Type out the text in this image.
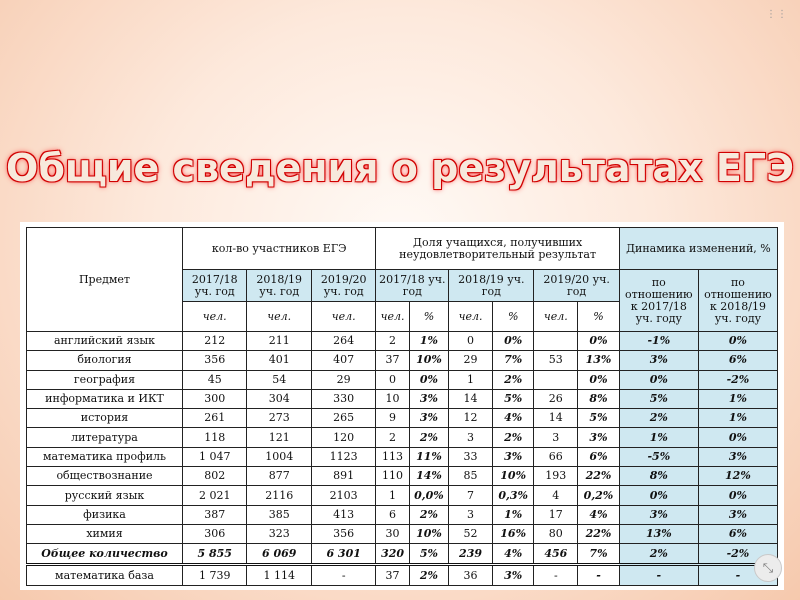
⋮⋮
Общие сведения о результатах ЕГЭ
Предмет	кол-во участников ЕГЭ			Доля учащихся, получивших неудовлетворительный результат						Динамика изменений, %	
	2017/18 уч. год	2018/19 уч. год	2019/20 уч. год	2017/18 уч. год		2018/19 уч. год		2019/20 уч. год		по отношению к 2017/18 уч. году	по отношению к 2018/19 уч. году
	чел.	чел.	чел.	чел.	%	чел.	%	чел.	%		
английский язык	212	211	264	2	1%	0	0%		0%	-1%	0%
биология	356	401	407	37	10%	29	7%	53	13%	3%	6%
география	45	54	29	0	0%	1	2%		0%	0%	-2%
информатика и ИКТ	300	304	330	10	3%	14	5%	26	8%	5%	1%
история	261	273	265	9	3%	12	4%	14	5%	2%	1%
литература	118	121	120	2	2%	3	2%	3	3%	1%	0%
математика профиль	1 047	1004	1123	113	11%	33	3%	66	6%	-5%	3%
обществознание	802	877	891	110	14%	85	10%	193	22%	8%	12%
русский язык	2 021	2116	2103	1	0,0%	7	0,3%	4	0,2%	0%	0%
физика	387	385	413	6	2%	3	1%	17	4%	3%	3%
химия	306	323	356	30	10%	52	16%	80	22%	13%	6%
Общее количество	5 855	6 069	6 301	320	5%	239	4%	456	7%	2%	-2%
математика база	1 739	1 114	-	37	2%	36	3%	-	-	-	-	⤡
